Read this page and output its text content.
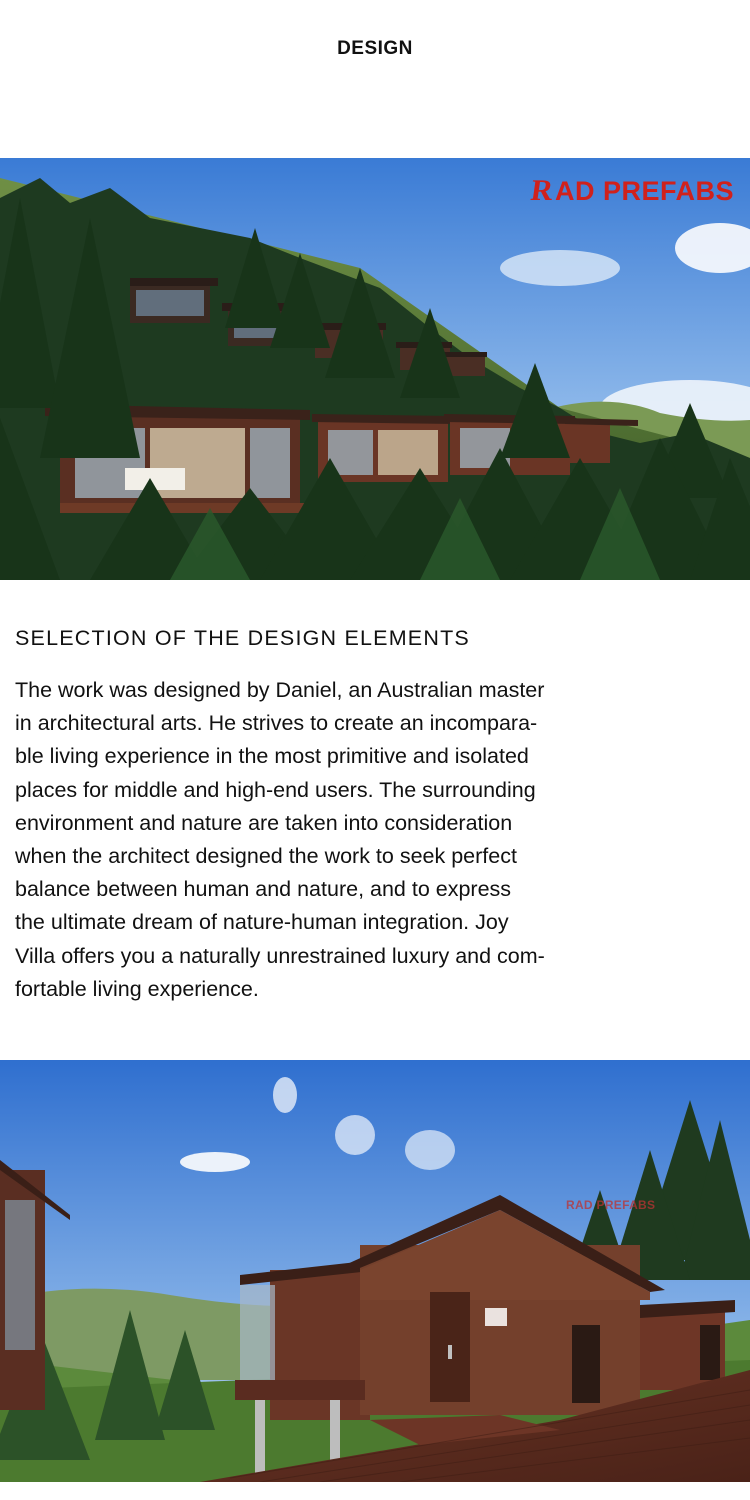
DESIGN
R AD PREFABS
SELECTION OF THE DESIGN ELEMENTS

The work was designed by Daniel, an Australian master
in architectural arts. He strives to create an incompara-
ble living experience in the most primitive and isolated
places for middle and high-end users. The surrounding
environment and nature are taken into consideration
when the architect designed the work to seek perfect
balance between human and nature, and to express
the ultimate dream of nature-human integration. Joy
Villa offers you a naturally unrestrained luxury and com-
fortable living experience.

RAD PREFABS
